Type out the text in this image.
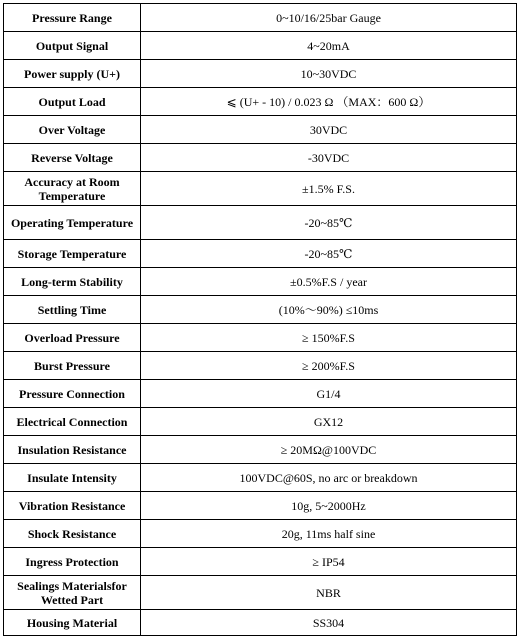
Pressure Range	0~10/16/25bar Gauge
Output Signal	4~20mA
Power supply (U+)	10~30VDC
Output Load	⩽ (U+ - 10) / 0.023 Ω （MAX：600 Ω）
Over Voltage	30VDC
Reverse Voltage	-30VDC
Accuracy at Room Temperature	±1.5% F.S.
Operating Temperature	-20~85℃
Storage Temperature	-20~85℃
Long-term Stability	±0.5%F.S / year
Settling Time	(10%～90%) ≤10ms
Overload Pressure	≥ 150%F.S
Burst Pressure	≥ 200%F.S
Pressure Connection	G1/4
Electrical Connection	GX12
Insulation Resistance	≥ 20MΩ@100VDC
Insulate Intensity	100VDC@60S, no arc or breakdown
Vibration Resistance	10g, 5~2000Hz
Shock Resistance	20g, 11ms half sine
Ingress Protection	≥ IP54
Sealings Materialsfor Wetted Part	NBR
Housing Material	SS304
